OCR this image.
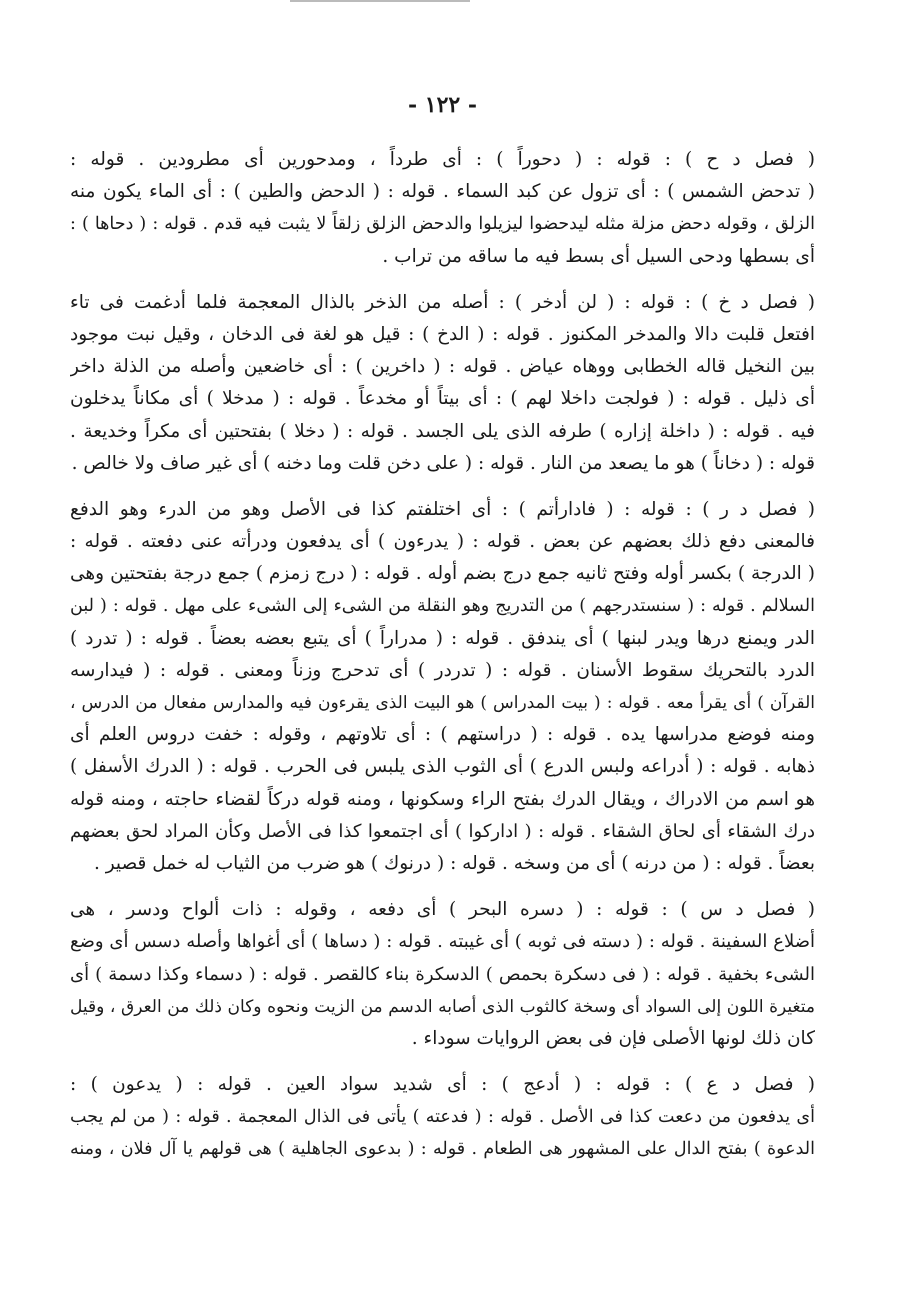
- ١٢٢ -
( فصل د ح ) : قوله : ( دحوراً ) : أى طرداً ، ومدحورين أى مطرودين . قوله :
( تدحض الشمس ) : أى تزول عن كبد السماء . قوله : ( الدحض والطين ) : أى الماء يكون منه
الزلق ، وقوله دحض مزلة مثله ليدحضوا ليزيلوا والدحض الزلق زلقاً لا يثبت فيه قدم . قوله : ( دحاها ) :
أى بسطها ودحى السيل أى بسط فيه ما ساقه من تراب .
( فصل د خ ) : قوله : ( لن أدخر ) : أصله من الذخر بالذال المعجمة فلما أدغمت فى تاء
افتعل قلبت دالا والمدخر المكنوز . قوله : ( الدخ ) : قيل هو لغة فى الدخان ، وقيل نبت موجود
بين النخيل قاله الخطابى ووهاه عياض . قوله : ( داخرين ) : أى خاضعين وأصله من الذلة داخر
أى ذليل . قوله : ( فولجت داخلا لهم ) : أى بيتاً أو مخدعاً . قوله : ( مدخلا ) أى مكاناً يدخلون
فيه . قوله : ( داخلة إزاره ) طرفه الذى يلى الجسد . قوله : ( دخلا ) بفتحتين أى مكراً وخديعة .
قوله : ( دخاناً ) هو ما يصعد من النار . قوله : ( على دخن قلت وما دخنه ) أى غير صاف ولا خالص .
( فصل د ر ) : قوله : ( فادارأتم ) : أى اختلفتم كذا فى الأصل وهو من الدرء وهو الدفع
فالمعنى دفع ذلك بعضهم عن بعض . قوله : ( يدرءون ) أى يدفعون ودرأته عنى دفعته . قوله :
( الدرجة ) بكسر أوله وفتح ثانيه جمع درج بضم أوله . قوله : ( درج زمزم ) جمع درجة بفتحتين وهى
السلالم . قوله : ( سنستدرجهم ) من التدريج وهو النقلة من الشىء إلى الشىء على مهل . قوله : ( لبن
الدر ويمنع درها ويدر لبنها ) أى يندفق . قوله : ( مدراراً ) أى يتبع بعضه بعضاً . قوله : ( تدرد )
الدرد بالتحريك سقوط الأسنان . قوله : ( تدردر ) أى تدحرج وزناً ومعنى . قوله : ( فيدارسه
القرآن ) أى يقرأ معه . قوله : ( بيت المدراس ) هو البيت الذى يقرءون فيه والمدارس مفعال من الدرس ،
ومنه فوضع مدراسها يده . قوله : ( دراستهم ) : أى تلاوتهم ، وقوله : خفت دروس العلم أى
ذهابه . قوله : ( أدراعه ولبس الدرع ) أى الثوب الذى يلبس فى الحرب . قوله : ( الدرك الأسفل )
هو اسم من الادراك ، ويقال الدرك بفتح الراء وسكونها ، ومنه قوله دركاً لقضاء حاجته ، ومنه قوله
درك الشقاء أى لحاق الشقاء . قوله : ( اداركوا ) أى اجتمعوا كذا فى الأصل وكأن المراد لحق بعضهم
بعضاً . قوله : ( من درنه ) أى من وسخه . قوله : ( درنوك ) هو ضرب من الثياب له خمل قصير .
( فصل د س ) : قوله : ( دسره البحر ) أى دفعه ، وقوله : ذات ألواح ودسر ، هى
أضلاع السفينة . قوله : ( دسته فى ثوبه ) أى غيبته . قوله : ( دساها ) أى أغواها وأصله دسس أى وضع
الشىء بخفية . قوله : ( فى دسكرة بحمص ) الدسكرة بناء كالقصر . قوله : ( دسماء وكذا دسمة ) أى
متغيرة اللون إلى السواد أى وسخة كالثوب الذى أصابه الدسم من الزيت ونحوه وكان ذلك من العرق ، وقيل
كان ذلك لونها الأصلى فإن فى بعض الروايات سوداء .
( فصل د ع ) : قوله : ( أدعج ) : أى شديد سواد العين . قوله : ( يدعون ) :
أى يدفعون من دععت كذا فى الأصل . قوله : ( فدعته ) يأتى فى الذال المعجمة . قوله : ( من لم يجب
الدعوة ) بفتح الدال على المشهور هى الطعام . قوله : ( بدعوى الجاهلية ) هى قولهم يا آل فلان ، ومنه
